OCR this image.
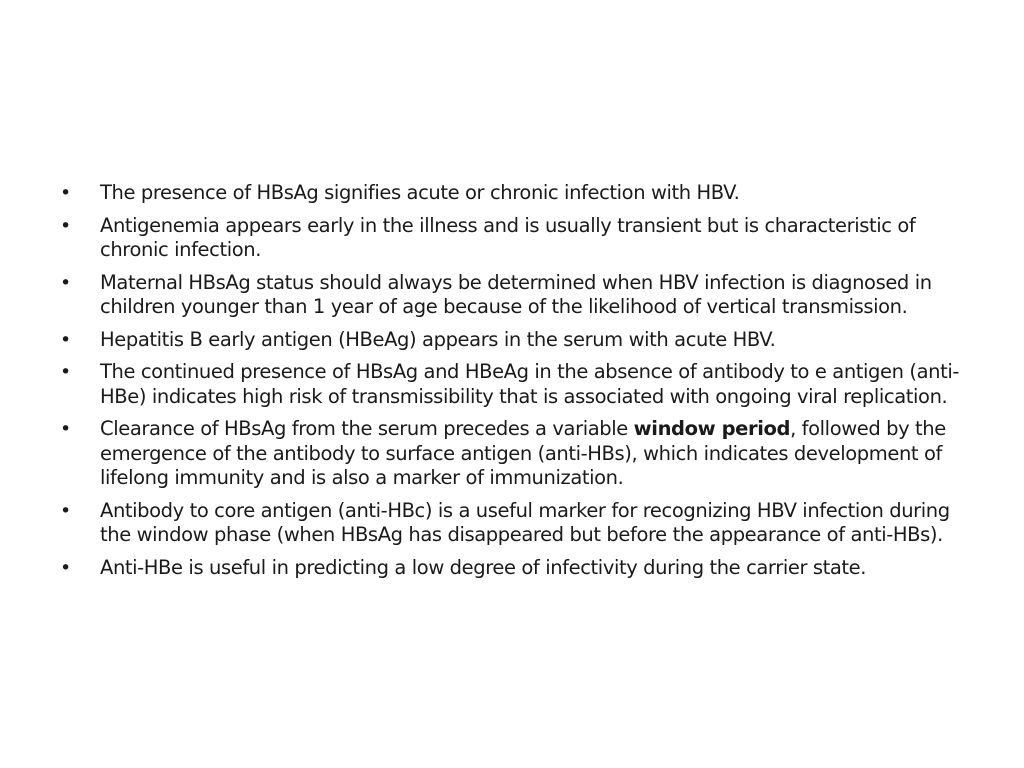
•	The presence of HBsAg signifies acute or chronic infection with HBV.
•	Antigenemia appears early in the illness and is usually transient but is characteristic of chronic infection.
•	Maternal HBsAg status should always be determined when HBV infection is diagnosed in children younger than 1 year of age because of the likelihood of vertical transmission.
•	Hepatitis B early antigen (HBeAg) appears in the serum with acute HBV.
•	The continued presence of HBsAg and HBeAg in the absence of antibody to e antigen (anti- HBe) indicates high risk of transmissibility that is associated with ongoing viral replication.
•	Clearance of HBsAg from the serum precedes a variable window period, followed by the emergence of the antibody to surface antigen (anti-HBs), which indicates development of lifelong immunity and is also a marker of immunization.
•	Antibody to core antigen (anti-HBc) is a useful marker for recognizing HBV infection during the window phase (when HBsAg has disappeared but before the appearance of anti-HBs).
•	Anti-HBe is useful in predicting a low degree of infectivity during the carrier state.
